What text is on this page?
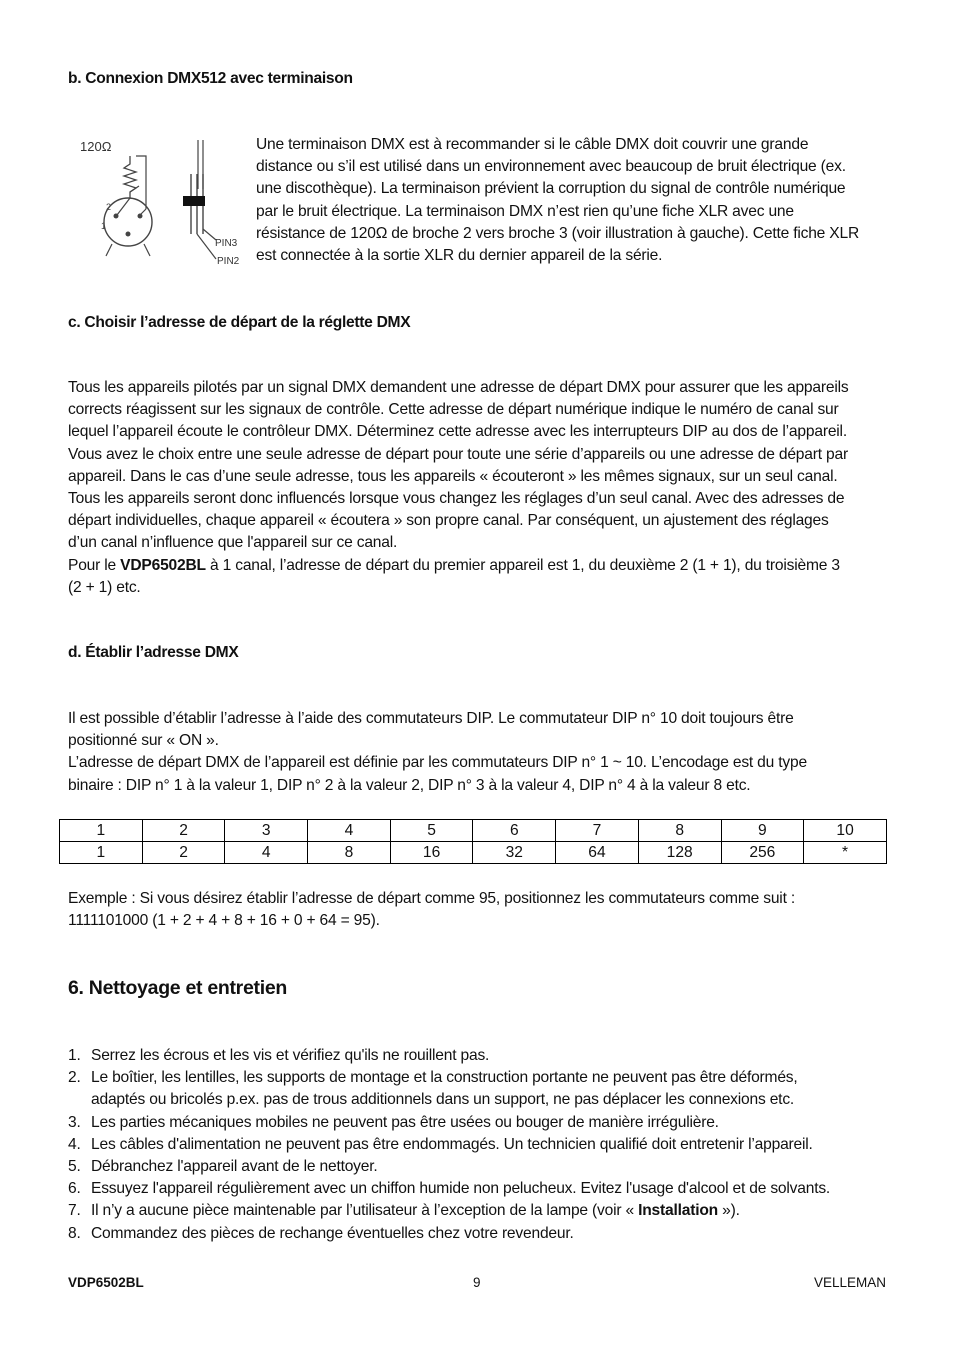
b. Connexion DMX512 avec terminaison
120Ω
2
1
PIN3
PIN2
Une terminaison DMX est à recommander si le câble DMX doit couvrir une grande
distance ou s’il est utilisé dans un environnement avec beaucoup de bruit électrique (ex.
une discothèque). La terminaison prévient la corruption du signal de contrôle numérique
par le bruit électrique. La terminaison DMX n’est rien qu’une fiche XLR avec une
résistance de 120Ω de broche 2 vers broche 3 (voir illustration à gauche). Cette fiche XLR
est connectée à la sortie XLR du dernier appareil de la série.
c. Choisir l’adresse de départ de la réglette DMX
Tous les appareils pilotés par un signal DMX demandent une adresse de départ DMX pour assurer que les appareils
corrects réagissent sur les signaux de contrôle. Cette adresse de départ numérique indique le numéro de canal sur
lequel l’appareil écoute le contrôleur DMX. Déterminez cette adresse avec les interrupteurs DIP au dos de l’appareil.
Vous avez le choix entre une seule adresse de départ pour toute une série d’appareils ou une adresse de départ par
appareil. Dans le cas d’une seule adresse, tous les appareils « écouteront » les mêmes signaux, sur un seul canal.
Tous les appareils seront donc influencés lorsque vous changez les réglages d’un seul canal. Avec des adresses de
départ individuelles, chaque appareil « écoutera » son propre canal. Par conséquent, un ajustement des réglages
d’un canal n’influence que l'appareil sur ce canal.
Pour le VDP6502BL à 1 canal, l’adresse de départ du premier appareil est 1, du deuxième 2 (1 + 1), du troisième 3
(2 + 1) etc.
d. Établir l’adresse DMX
Il est possible d’établir l’adresse à l’aide des commutateurs DIP. Le commutateur DIP n° 10 doit toujours être
positionné sur « ON ».
L’adresse de départ DMX de l’appareil est définie par les commutateurs DIP n° 1 ~ 10. L’encodage est du type
binaire : DIP n° 1 à la valeur 1, DIP n° 2 à la valeur 2, DIP n° 3 à la valeur 4, DIP n° 4 à la valeur 8 etc.
1	2	3	4	5	6	7	8	9	10
1	2	4	8	16	32	64	128	256	*
Exemple : Si vous désirez établir l’adresse de départ comme 95, positionnez les commutateurs comme suit :
1111101000 (1 + 2 + 4 + 8 + 16 + 0 + 64 = 95).
6. Nettoyage et entretien
1. Serrez les écrous et les vis et vérifiez qu'ils ne rouillent pas.
2. Le boîtier, les lentilles, les supports de montage et la construction portante ne peuvent pas être déformés,
adaptés ou bricolés p.ex. pas de trous additionnels dans un support, ne pas déplacer les connexions etc.
3. Les parties mécaniques mobiles ne peuvent pas être usées ou bouger de manière irrégulière.
4. Les câbles d'alimentation ne peuvent pas être endommagés. Un technicien qualifié doit entretenir l’appareil.
5. Débranchez l'appareil avant de le nettoyer.
6. Essuyez l'appareil régulièrement avec un chiffon humide non pelucheux. Evitez l'usage d'alcool et de solvants.
7. Il n’y a aucune pièce maintenable par l’utilisateur à l’exception de la lampe (voir « Installation »).
8. Commandez des pièces de rechange éventuelles chez votre revendeur.
VDP6502BL	9	VELLEMAN
